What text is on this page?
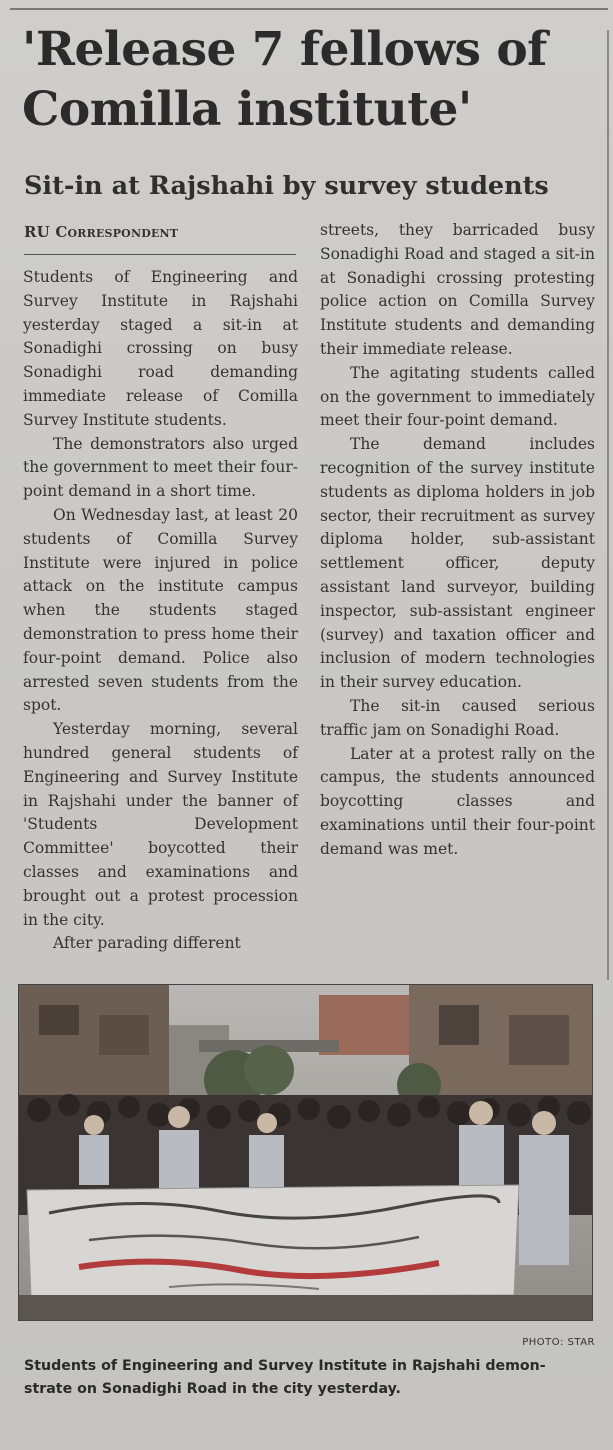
'Release 7 fellows of
Comilla institute'
Sit-in at Rajshahi by survey students
RU Correspondent

Students of Engineering and Survey Institute in Rajshahi yesterday staged a sit-in at Sonadighi crossing on busy Sonadighi road demanding immediate release of Comilla Survey Institute students.

The demonstrators also urged the government to meet their four-point demand in a short time.

On Wednesday last, at least 20 students of Comilla Survey Institute were injured in police attack on the institute campus when the students staged demonstration to press home their four-point demand. Police also arrested seven students from the spot.

Yesterday morning, several hundred general students of Engineering and Survey Institute in Rajshahi under the banner of 'Students Development Committee' boycotted their classes and examinations and brought out a protest procession in the city.

After parading different

streets, they barricaded busy Sonadighi Road and staged a sit-in at Sonadighi crossing protesting police action on Comilla Survey Institute students and demanding their immediate release.

The agitating students called on the government to immediately meet their four-point demand.

The demand includes recognition of the survey institute students as diploma holders in job sector, their recruitment as survey diploma holder, sub-assistant settlement officer, deputy assistant land surveyor, building inspector, sub-assistant engineer (survey) and taxation officer and inclusion of modern technologies in their survey education.

The sit-in caused serious traffic jam on Sonadighi Road.

Later at a protest rally on the campus, the students announced boycotting classes and examinations until their four-point demand was met.

PHOTO: STAR
Students of Engineering and Survey Institute in Rajshahi demon-
strate on Sonadighi Road in the city yesterday.
